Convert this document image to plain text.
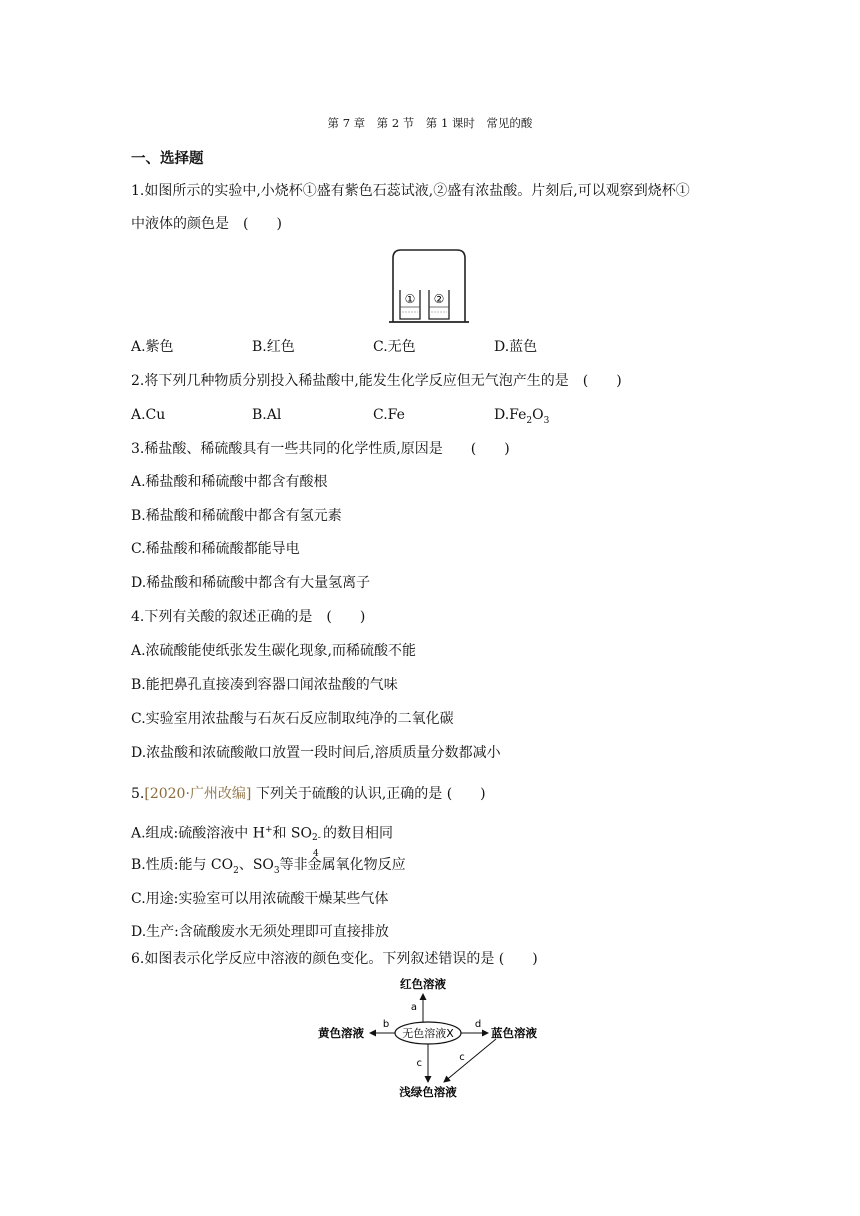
第 7 章　第 2 节　第 1 课时　常见的酸
一、选择题
1.如图所示的实验中,小烧杯①盛有紫色石蕊试液,②盛有浓盐酸。片刻后,可以观察到烧杯①
中液体的颜色是　(　　)
① ②
A.紫色	B.红色	C.无色	D.蓝色
2.将下列几种物质分别投入稀盐酸中,能发生化学反应但无气泡产生的是　(　　)
A.Cu	B.Al	C.Fe	$D.Fe_2O_3$
3.稀盐酸、稀硫酸具有一些共同的化学性质,原因是　　(　　)
A.稀盐酸和稀硫酸中都含有酸根
B.稀盐酸和稀硫酸中都含有氢元素
C.稀盐酸和稀硫酸都能导电
D.稀盐酸和稀硫酸中都含有大量氢离子
4.下列有关酸的叙述正确的是　(　　)
A.浓硫酸能使纸张发生碳化现象,而稀硫酸不能
B.能把鼻孔直接凑到容器口闻浓盐酸的气味
C.实验室用浓盐酸与石灰石反应制取纯净的二氧化碳
D.浓盐酸和浓硫酸敞口放置一段时间后,溶质质量分数都减小
5.[2020·广州改编] 下列关于硫酸的认识,正确的是 (　　)
A.组成:硫酸溶液中 H+和 SO 2-
4
的数目相同
B.性质:能与 $CO_2$、$SO_3$等非金属氧化物反应
C.用途:实验室可以用浓硫酸干燥某些气体
D.生产:含硫酸废水无须处理即可直接排放
6.如图表示化学反应中溶液的颜色变化。下列叙述错误的是 (　　)
红色溶液
无色溶液X
黄色溶液	蓝色溶液
浅绿色溶液
a
b	d
c
c
